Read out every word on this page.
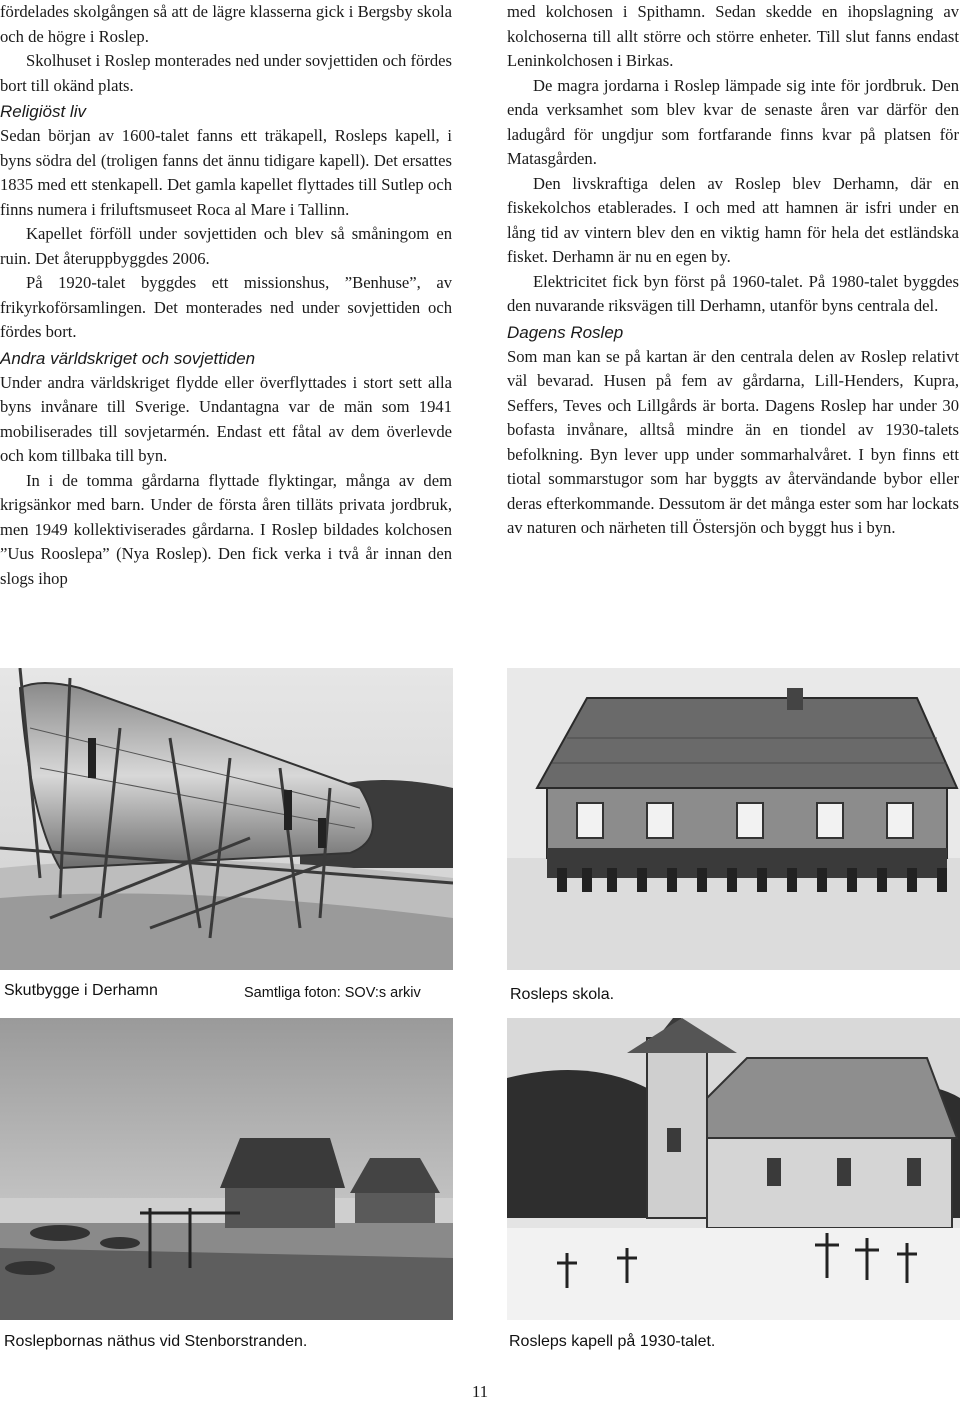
fördelades skolgången så att de lägre klasserna gick i Bergsby skola och de högre i Roslep.

Skolhuset i Roslep monterades ned under sovjettiden och fördes bort till okänd plats.

Religiöst liv

Sedan början av 1600-talet fanns ett träkapell, Rosleps kapell, i byns södra del (troligen fanns det ännu tidigare kapell). Det ersattes 1835 med ett stenkapell. Det gamla kapellet flyttades till Sutlep och finns numera i friluftsmuseet Roca al Mare i Tallinn.

Kapellet förföll under sovjettiden och blev så småningom en ruin. Det återuppbyggdes 2006.

På 1920-talet byggdes ett missionshus, ”Benhuse”, av frikyrkoförsamlingen. Det monterades ned under sovjettiden och fördes bort.

Andra världskriget och sovjettiden

Under andra världskriget flydde eller överflyttades i stort sett alla byns invånare till Sverige. Undantagna var de män som 1941 mobiliserades till sovjetarmén. Endast ett fåtal av dem överlevde och kom tillbaka till byn.

In i de tomma gårdarna flyttade flyktingar, många av dem krigsänkor med barn. Under de första åren tilläts privata jordbruk, men 1949 kollektiviserades gårdarna. I Roslep bildades kolchosen ”Uus Rooslepa” (Nya Roslep). Den fick verka i två år innan den slogs ihop

med kolchosen i Spithamn. Sedan skedde en ihopslagning av kolchoserna till allt större och större enheter. Till slut fanns endast Leninkolchosen i Birkas.

De magra jordarna i Roslep lämpade sig inte för jordbruk. Den enda verksamhet som blev kvar de senaste åren var därför den ladugård för ungdjur som fortfarande finns kvar på platsen för Matasgården.

Den livskraftiga delen av Roslep blev Derhamn, där en fiskekolchos etablerades. I och med att hamnen är isfri under en lång tid av vintern blev den en viktig hamn för hela det estländska fisket. Derhamn är nu en egen by.

Elektricitet fick byn först på 1960-talet. På 1980-talet byggdes den nuvarande riksvägen till Derhamn, utanför byns centrala del.

Dagens Roslep

Som man kan se på kartan är den centrala delen av Roslep relativt väl bevarad. Husen på fem av gårdarna, Lill-Henders, Kupra, Seffers, Teves och Lillgårds är borta. Dagens Roslep har under 30 bofasta invånare, alltså mindre än en tiondel av 1930-talets befolkning. Byn lever upp under sommarhalvåret. I byn finns ett tiotal sommarstugor som har byggts av återvändande bybor eller deras efterkommande. Dessutom är det många ester som har lockats av naturen och närheten till Östersjön och byggt hus i byn.

Skutbygge i Derhamn	Samtliga foton: SOV:s arkiv	Rosleps skola.
Roslepbornas näthus vid Stenborstranden.	Rosleps kapell på 1930-talet.
11
